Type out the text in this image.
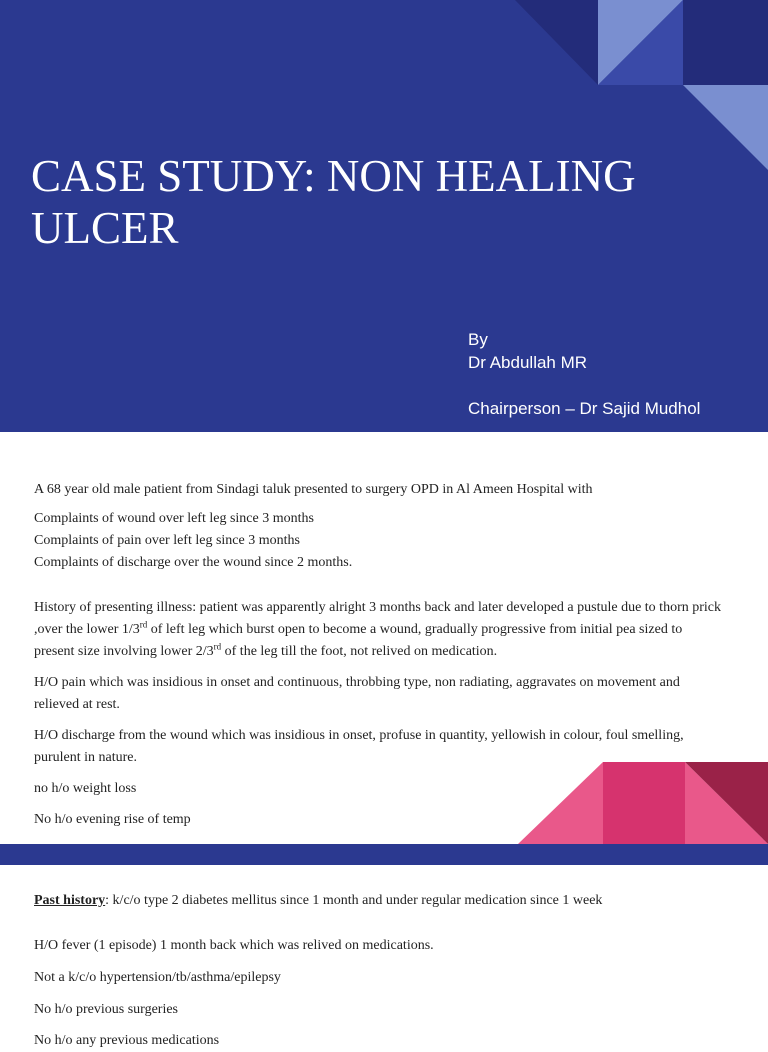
CASE STUDY: NON HEALING ULCER
By
Dr Abdullah MR
Chairperson – Dr Sajid Mudhol

A 68 year old male patient from Sindagi taluk presented to surgery OPD in Al Ameen Hospital with

Complaints of wound over left leg since 3 months

Complaints of pain over left leg since 3 months

Complaints of discharge over the wound since 2 months.

History of presenting illness: patient was apparently alright 3 months back and later developed a pustule due to thorn prick ,over the lower 1/3rd of left leg which burst open to become a wound, gradually progressive from initial pea sized to present size involving lower 2/3rd of the leg till the foot, not relived on medication.

H/O pain which was insidious in onset and continuous, throbbing type, non radiating, aggravates on movement and relieved at rest.

H/O discharge from the wound which was insidious in onset, profuse in quantity, yellowish in colour, foul smelling, purulent in nature.

no h/o weight loss

No h/o evening rise of temp

Past history: k/c/o type 2 diabetes mellitus since 1 month and under regular medication since 1 week

H/O fever (1 episode) 1 month back which was relived on medications.

Not a k/c/o hypertension/tb/asthma/epilepsy

No h/o previous surgeries

No h/o any previous medications
